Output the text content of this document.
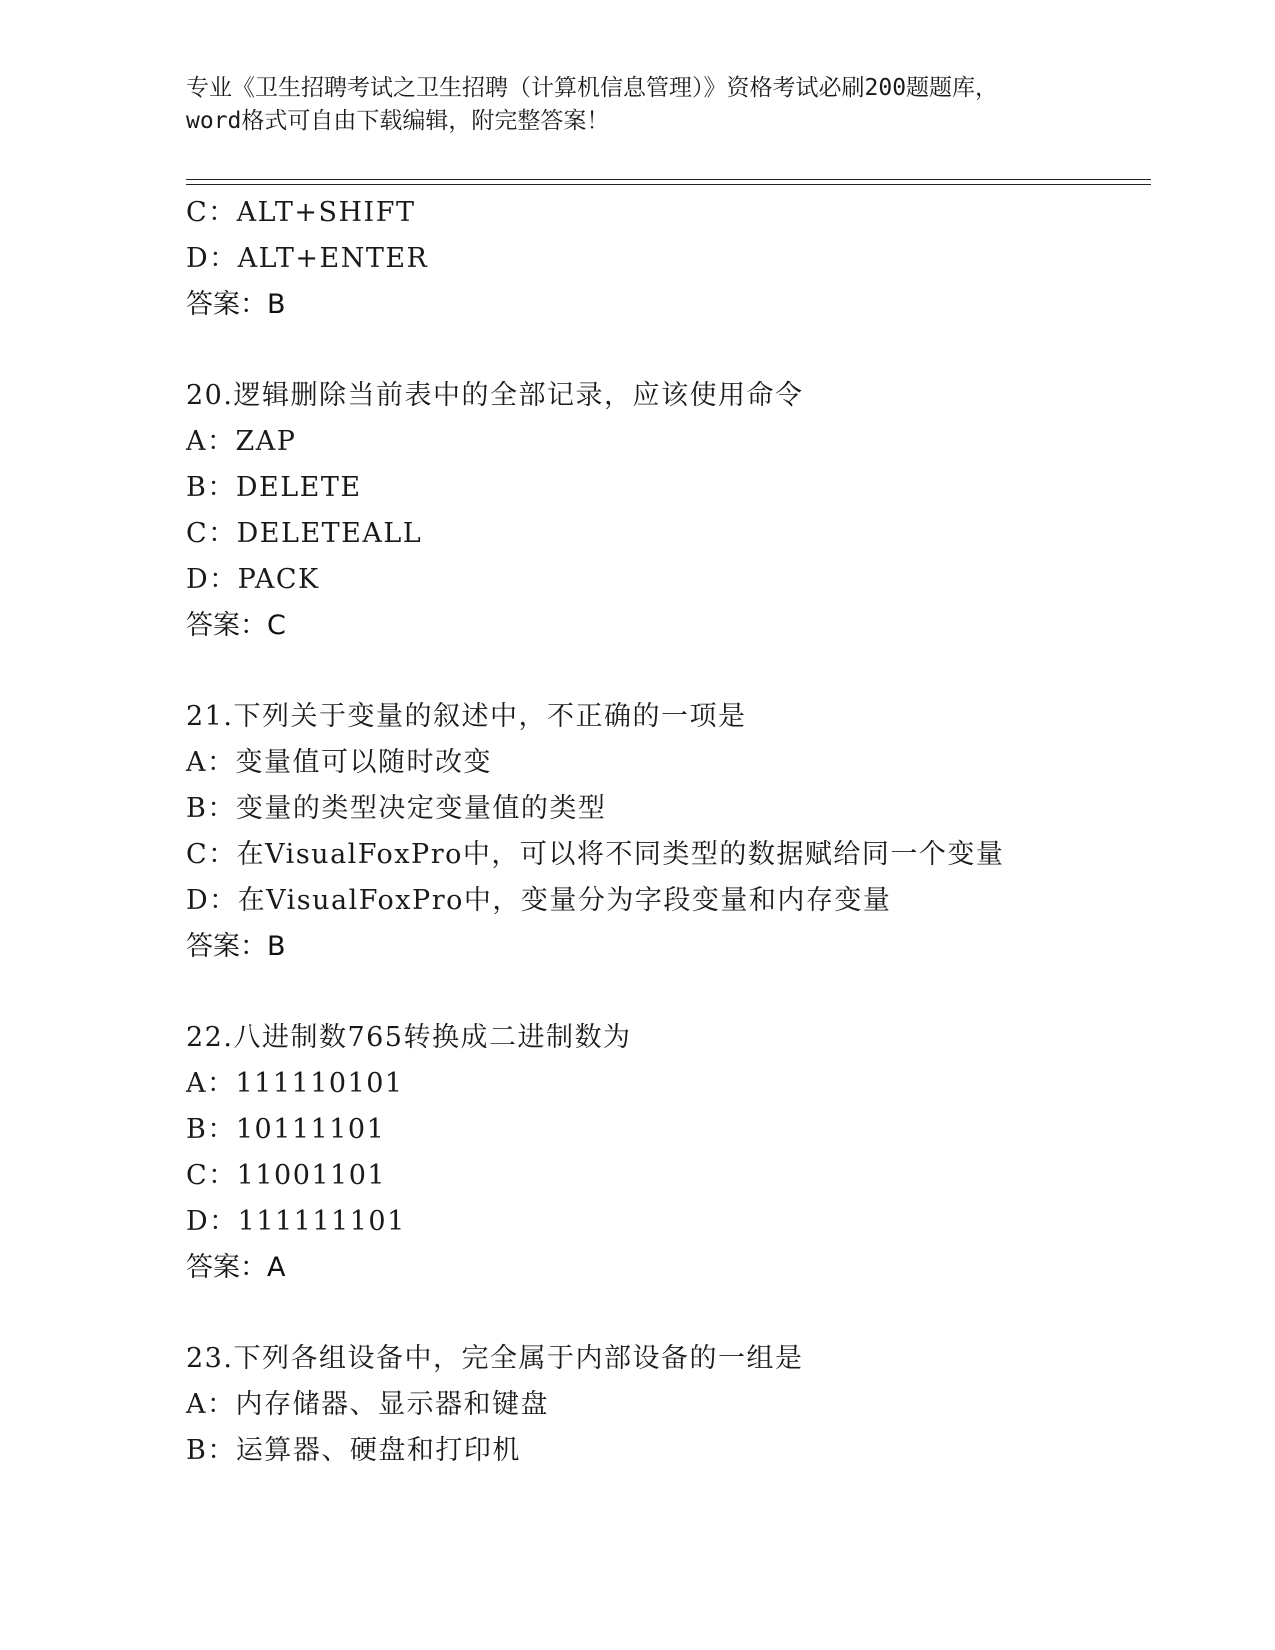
专业《卫生招聘考试之卫生招聘（计算机信息管理）》资格考试必刷200题题库，
word格式可自由下载编辑，附完整答案！
C：ALT+SHIFT
D：ALT+ENTER
答案：B
20.逻辑删除当前表中的全部记录，应该使用命令
A：ZAP
B：DELETE
C：DELETEALL
D：PACK
答案：C
21.下列关于变量的叙述中，不正确的一项是
A：变量值可以随时改变
B：变量的类型决定变量值的类型
C：在VisualFoxPro中，可以将不同类型的数据赋给同一个变量
D：在VisualFoxPro中，变量分为字段变量和内存变量
答案：B
22.八进制数765转换成二进制数为
A：111110101
B：10111101
C：11001101
D：111111101
答案：A
23.下列各组设备中，完全属于内部设备的一组是
A：内存储器、显示器和键盘
B：运算器、硬盘和打印机
